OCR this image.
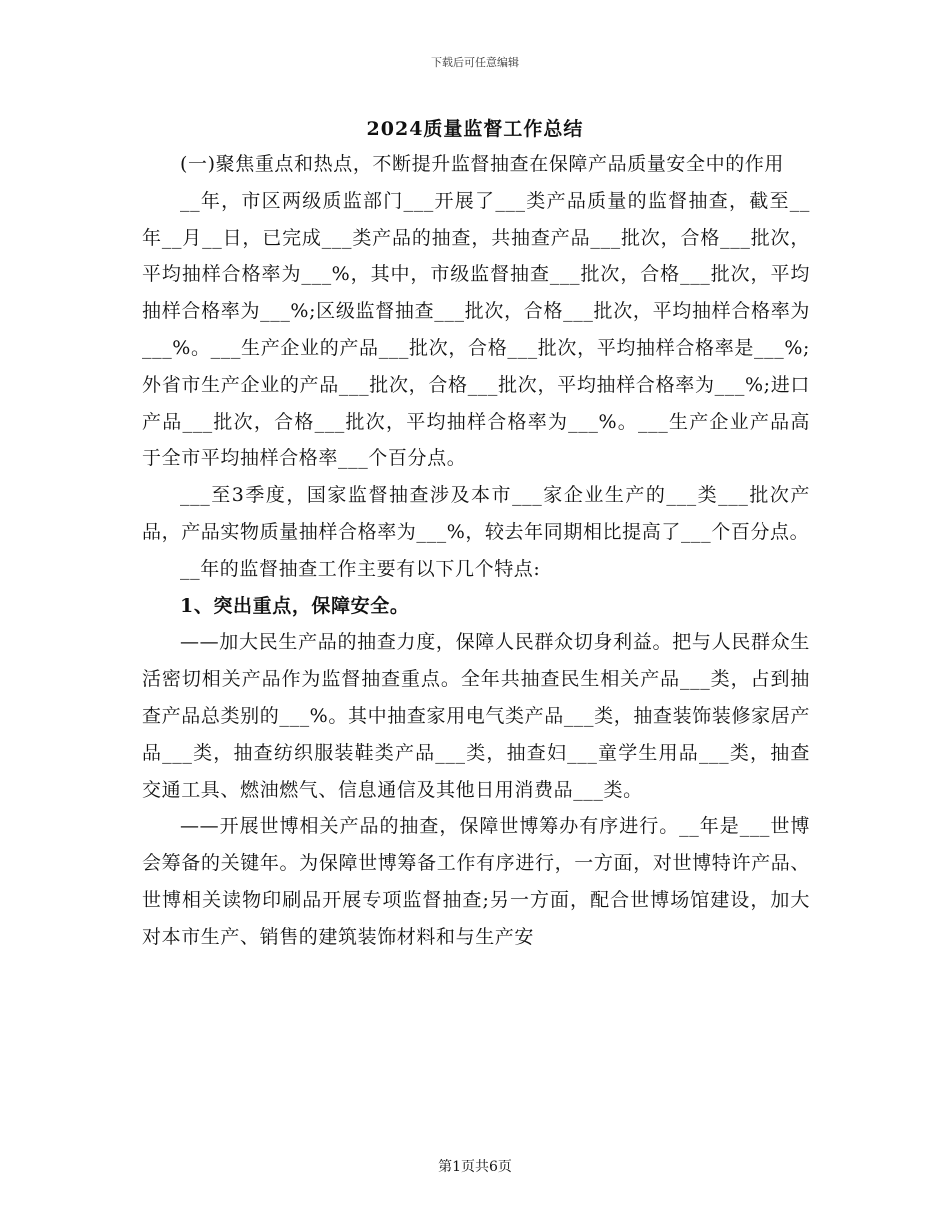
下载后可任意编辑
2024质量监督工作总结

(一)聚焦重点和热点，不断提升监督抽查在保障产品质量安全中的作用

__年，市区两级质监部门___开展了___类产品质量的监督抽查，截至__年__月__日，已完成___类产品的抽查，共抽查产品___批次，合格___批次，平均抽样合格率为___%，其中，市级监督抽查___批次，合格___批次，平均抽样合格率为___%;区级监督抽查___批次，合格___批次，平均抽样合格率为___%。___生产企业的产品___批次，合格___批次，平均抽样合格率是___%;外省市生产企业的产品___批次，合格___批次，平均抽样合格率为___%;进口产品___批次，合格___批次，平均抽样合格率为___%。___生产企业产品高于全市平均抽样合格率___个百分点。

___至3季度，国家监督抽查涉及本市___家企业生产的___类___批次产品，产品实物质量抽样合格率为___%，较去年同期相比提高了___个百分点。

__年的监督抽查工作主要有以下几个特点:

1、突出重点，保障安全。

——加大民生产品的抽查力度，保障人民群众切身利益。把与人民群众生活密切相关产品作为监督抽查重点。全年共抽查民生相关产品___类，占到抽查产品总类别的___%。其中抽查家用电气类产品___类，抽查装饰装修家居产品___类，抽查纺织服装鞋类产品___类，抽查妇___童学生用品___类，抽查交通工具、燃油燃气、信息通信及其他日用消费品___类。

——开展世博相关产品的抽查，保障世博筹办有序进行。__年是___世博会筹备的关键年。为保障世博筹备工作有序进行，一方面，对世博特许产品、世博相关读物印刷品开展专项监督抽查;另一方面，配合世博场馆建设，加大对本市生产、销售的建筑装饰材料和与生产安

第1页共6页
